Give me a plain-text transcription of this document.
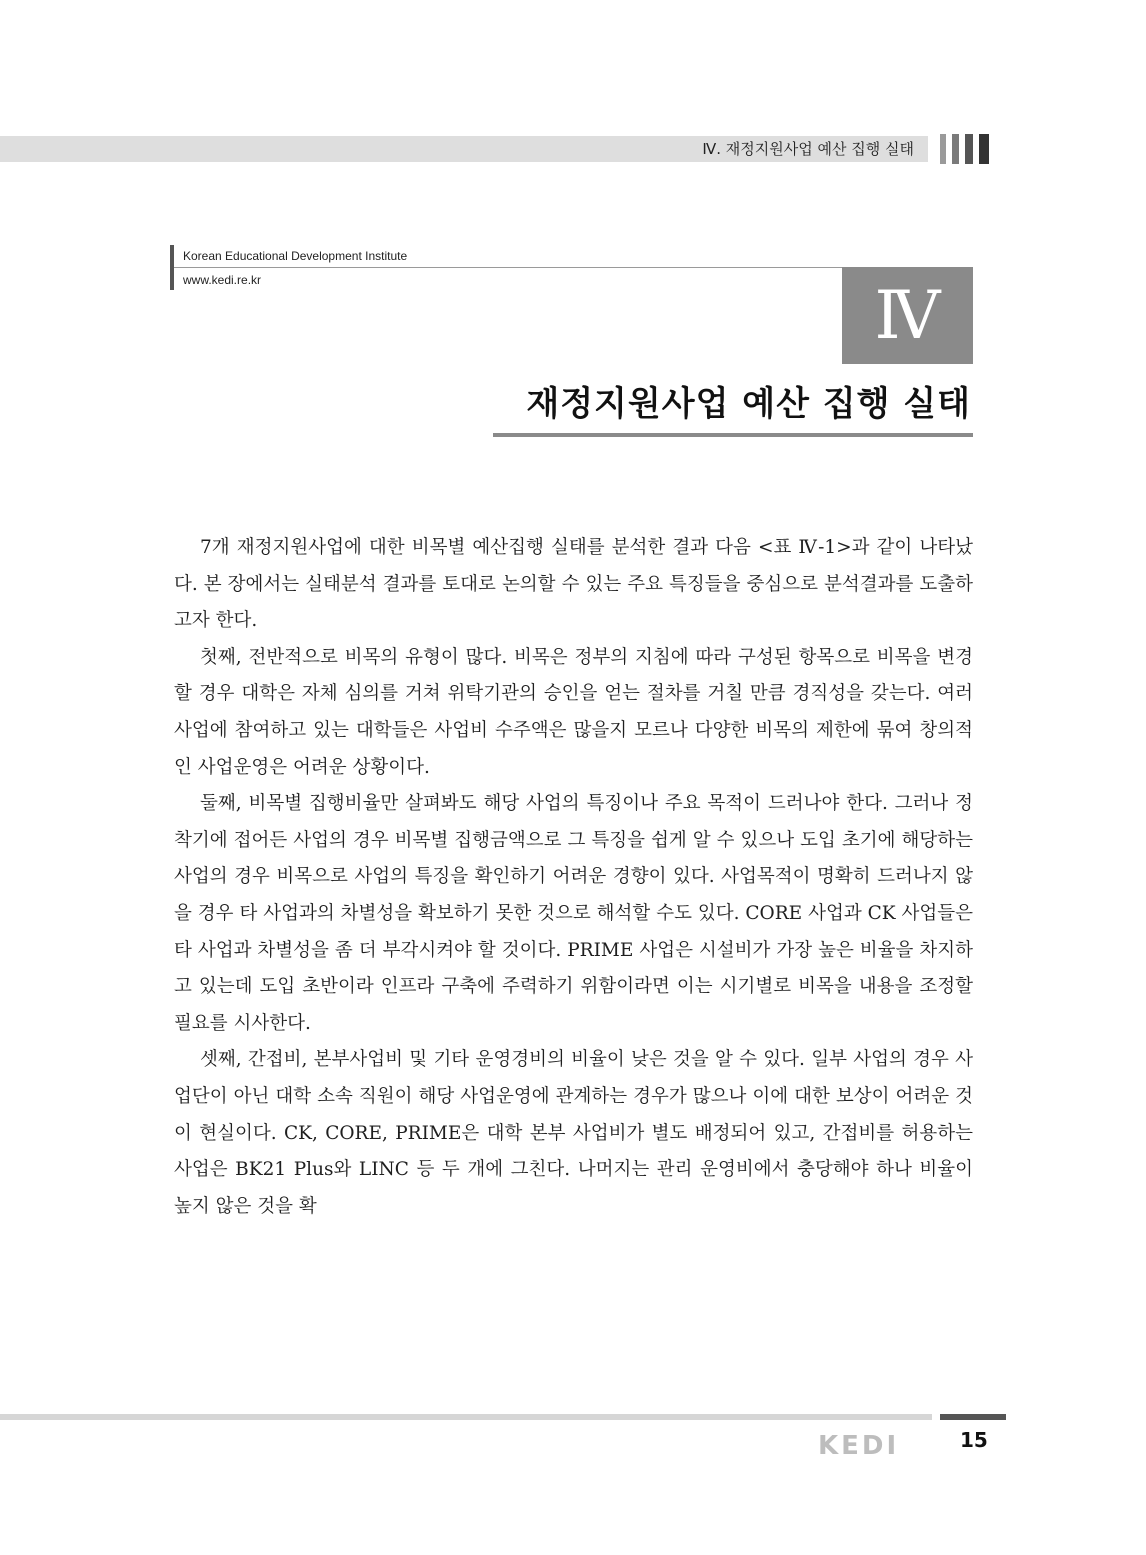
Ⅳ. 재정지원사업 예산 집행 실태
Korean Educational Development Institute
www.kedi.re.kr	Ⅳ
재정지원사업 예산 집행 실태

7개 재정지원사업에 대한 비목별 예산집행 실태를 분석한 결과 다음 <표 Ⅳ-1>과 같이 나타났다. 본 장에서는 실태분석 결과를 토대로 논의할 수 있는 주요 특징들을 중심으로 분석결과를 도출하고자 한다.

첫째, 전반적으로 비목의 유형이 많다. 비목은 정부의 지침에 따라 구성된 항목으로 비목을 변경할 경우 대학은 자체 심의를 거쳐 위탁기관의 승인을 얻는 절차를 거칠 만큼 경직성을 갖는다. 여러 사업에 참여하고 있는 대학들은 사업비 수주액은 많을지 모르나 다양한 비목의 제한에 묶여 창의적인 사업운영은 어려운 상황이다.

둘째, 비목별 집행비율만 살펴봐도 해당 사업의 특징이나 주요 목적이 드러나야 한다. 그러나 정착기에 접어든 사업의 경우 비목별 집행금액으로 그 특징을 쉽게 알 수 있으나 도입 초기에 해당하는 사업의 경우 비목으로 사업의 특징을 확인하기 어려운 경향이 있다. 사업목적이 명확히 드러나지 않을 경우 타 사업과의 차별성을 확보하기 못한 것으로 해석할 수도 있다. CORE 사업과 CK 사업들은 타 사업과 차별성을 좀 더 부각시켜야 할 것이다. PRIME 사업은 시설비가 가장 높은 비율을 차지하고 있는데 도입 초반이라 인프라 구축에 주력하기 위함이라면 이는 시기별로 비목을 내용을 조정할 필요를 시사한다.

셋째, 간접비, 본부사업비 및 기타 운영경비의 비율이 낮은 것을 알 수 있다. 일부 사업의 경우 사업단이 아닌 대학 소속 직원이 해당 사업운영에 관계하는 경우가 많으나 이에 대한 보상이 어려운 것이 현실이다. CK, CORE, PRIME은 대학 본부 사업비가 별도 배정되어 있고, 간접비를 허용하는 사업은 BK21 Plus와 LINC 등 두 개에 그친다. 나머지는 관리 운영비에서 충당해야 하나 비율이 높지 않은 것을 확

KEDI	15
